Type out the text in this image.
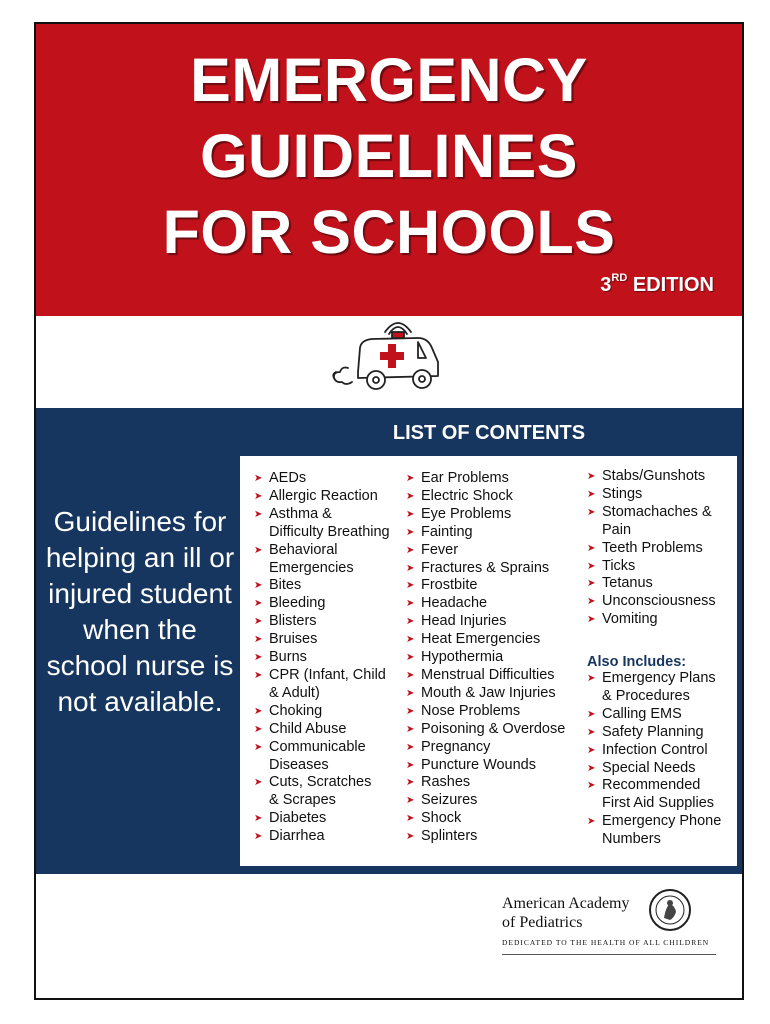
EMERGENCY
GUIDELINES
FOR SCHOOLS
3RD EDITION
LIST OF CONTENTS
Guidelines for helping an ill or injured student when the school nurse is not available.
➤ AEDs
➤ Allergic Reaction
➤ Asthma &
Difficulty Breathing
➤ Behavioral
Emergencies
➤ Bites
➤ Bleeding
➤ Blisters
➤ Bruises
➤ Burns
➤ CPR (Infant, Child
& Adult)
➤ Choking
➤ Child Abuse
➤ Communicable
Diseases
➤ Cuts, Scratches
& Scrapes
➤ Diabetes
➤ Diarrhea
➤ Ear Problems
➤ Electric Shock
➤ Eye Problems
➤ Fainting
➤ Fever
➤ Fractures & Sprains
➤ Frostbite
➤ Headache
➤ Head Injuries
➤ Heat Emergencies
➤ Hypothermia
➤ Menstrual Difficulties
➤ Mouth & Jaw Injuries
➤ Nose Problems
➤ Poisoning & Overdose
➤ Pregnancy
➤ Puncture Wounds
➤ Rashes
➤ Seizures
➤ Shock
➤ Splinters
➤ Stabs/Gunshots
➤ Stings
➤ Stomachaches &
Pain
➤ Teeth Problems
➤ Ticks
➤ Tetanus
➤ Unconsciousness
➤ Vomiting
Also Includes:
➤ Emergency Plans
& Procedures
➤ Calling EMS
➤ Safety Planning
➤ Infection Control
➤ Special Needs
➤ Recommended
First Aid Supplies
➤ Emergency Phone
Numbers
American Academy
of Pediatrics
DEDICATED TO THE HEALTH OF ALL CHILDREN
